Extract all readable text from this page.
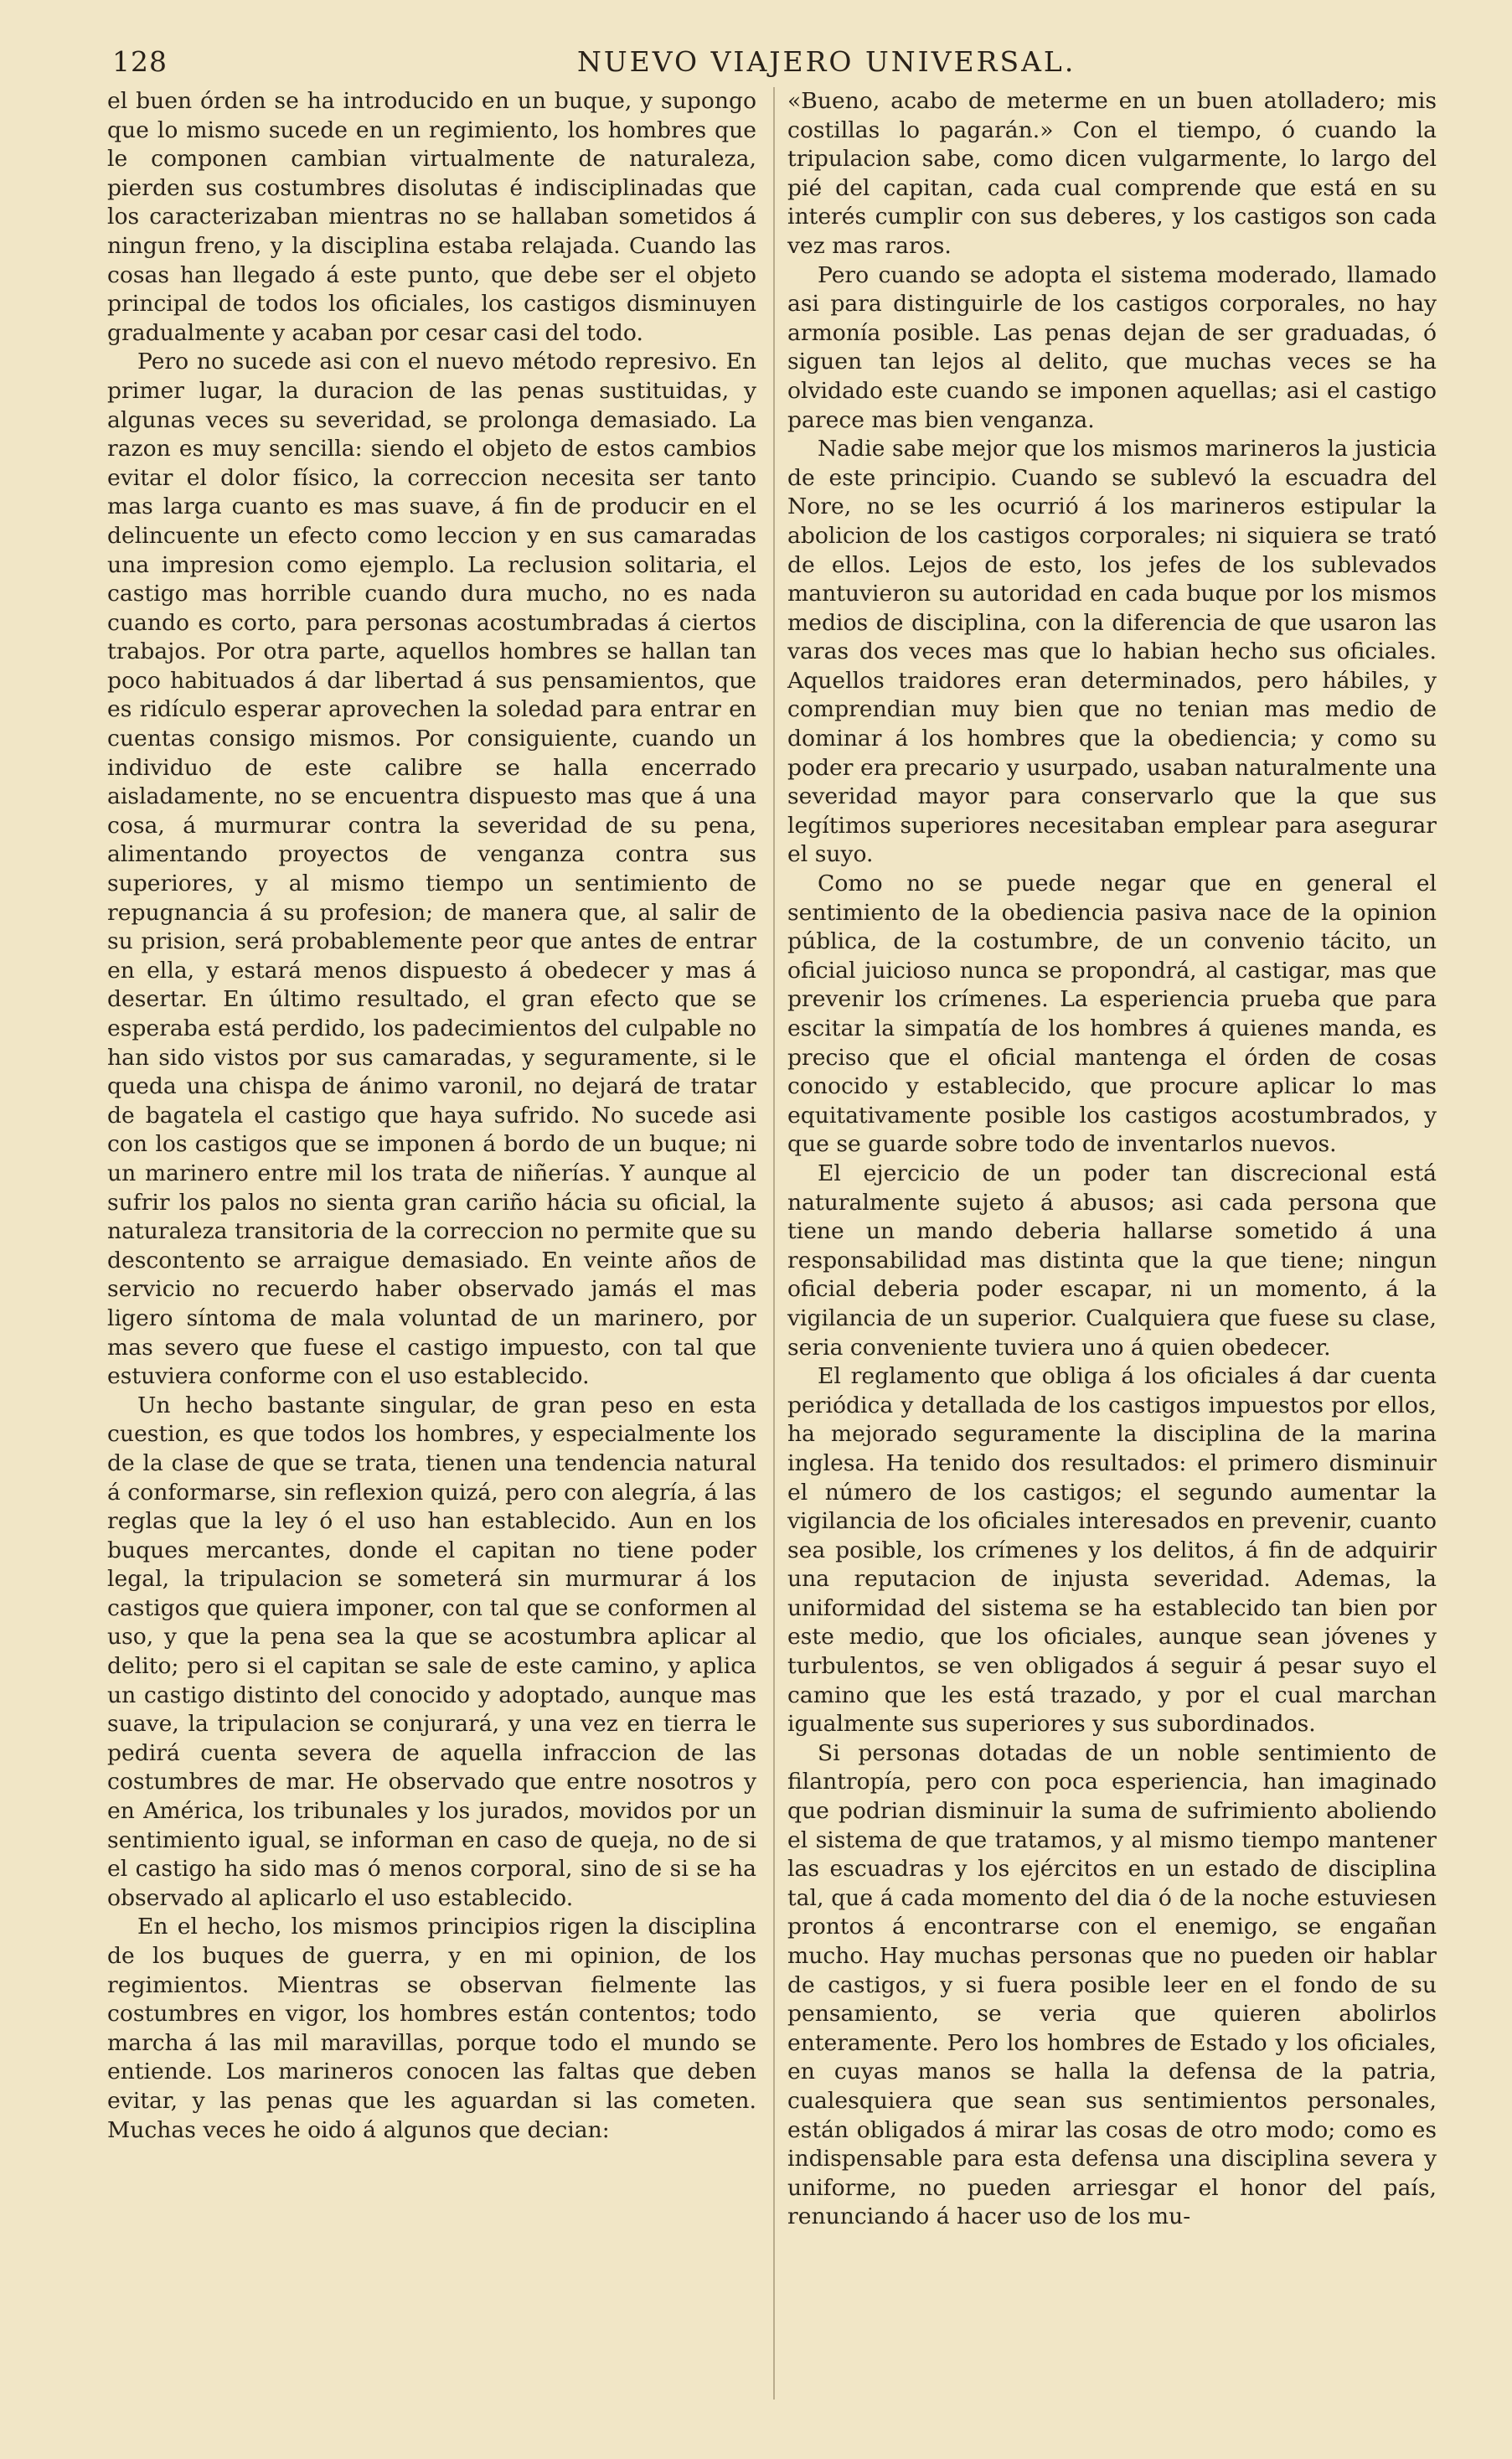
128	NUEVO VIAJERO UNIVERSAL.

el buen órden se ha introducido en un buque, y supongo que lo mismo sucede en un regimiento, los hombres que le componen cambian virtualmente de naturaleza, pierden sus costumbres disolutas é indisciplinadas que los caracterizaban mientras no se hallaban sometidos á ningun freno, y la disciplina estaba relajada. Cuando las cosas han llegado á este punto, que debe ser el objeto principal de todos los oficiales, los castigos disminuyen gradualmente y acaban por cesar casi del todo.

Pero no sucede asi con el nuevo método represivo. En primer lugar, la duracion de las penas sustituidas, y algunas veces su severidad, se prolonga demasiado. La razon es muy sencilla: siendo el objeto de estos cambios evitar el dolor físico, la correccion necesita ser tanto mas larga cuanto es mas suave, á fin de producir en el delincuente un efecto como leccion y en sus camaradas una impresion como ejemplo. La reclusion solitaria, el castigo mas horrible cuando dura mucho, no es nada cuando es corto, para personas acostumbradas á ciertos trabajos. Por otra parte, aquellos hombres se hallan tan poco habituados á dar libertad á sus pensamientos, que es ridículo esperar aprovechen la soledad para entrar en cuentas consigo mismos. Por consiguiente, cuando un individuo de este calibre se halla encerrado aisladamente, no se encuentra dispuesto mas que á una cosa, á murmurar contra la severidad de su pena, alimentando proyectos de venganza contra sus superiores, y al mismo tiempo un sentimiento de repugnancia á su profesion; de manera que, al salir de su prision, será probablemente peor que antes de entrar en ella, y estará menos dispuesto á obedecer y mas á desertar. En último resultado, el gran efecto que se esperaba está perdido, los padecimientos del culpable no han sido vistos por sus camaradas, y seguramente, si le queda una chispa de ánimo varonil, no dejará de tratar de bagatela el castigo que haya sufrido. No sucede asi con los castigos que se imponen á bordo de un buque; ni un marinero entre mil los trata de niñerías. Y aunque al sufrir los palos no sienta gran cariño hácia su oficial, la naturaleza transitoria de la correccion no permite que su descontento se arraigue demasiado. En veinte años de servicio no recuerdo haber observado jamás el mas ligero síntoma de mala voluntad de un marinero, por mas severo que fuese el castigo impuesto, con tal que estuviera conforme con el uso establecido.

Un hecho bastante singular, de gran peso en esta cuestion, es que todos los hombres, y especialmente los de la clase de que se trata, tienen una tendencia natural á conformarse, sin reflexion quizá, pero con alegría, á las reglas que la ley ó el uso han establecido. Aun en los buques mercantes, donde el capitan no tiene poder legal, la tripulacion se someterá sin murmurar á los castigos que quiera imponer, con tal que se conformen al uso, y que la pena sea la que se acostumbra aplicar al delito; pero si el capitan se sale de este camino, y aplica un castigo distinto del conocido y adoptado, aunque mas suave, la tripulacion se conjurará, y una vez en tierra le pedirá cuenta severa de aquella infraccion de las costumbres de mar. He observado que entre nosotros y en América, los tribunales y los jurados, movidos por un sentimiento igual, se informan en caso de queja, no de si el castigo ha sido mas ó menos corporal, sino de si se ha observado al aplicarlo el uso establecido.

En el hecho, los mismos principios rigen la disciplina de los buques de guerra, y en mi opinion, de los regimientos. Mientras se observan fielmente las costumbres en vigor, los hombres están contentos; todo marcha á las mil maravillas, porque todo el mundo se entiende. Los marineros conocen las faltas que deben evitar, y las penas que les aguardan si las cometen. Muchas veces he oido á algunos que decian:

«Bueno, acabo de meterme en un buen atolladero; mis costillas lo pagarán.» Con el tiempo, ó cuando la tripulacion sabe, como dicen vulgarmente, lo largo del pié del capitan, cada cual comprende que está en su interés cumplir con sus deberes, y los castigos son cada vez mas raros.

Pero cuando se adopta el sistema moderado, llamado asi para distinguirle de los castigos corporales, no hay armonía posible. Las penas dejan de ser graduadas, ó siguen tan lejos al delito, que muchas veces se ha olvidado este cuando se imponen aquellas; asi el castigo parece mas bien venganza.

Nadie sabe mejor que los mismos marineros la justicia de este principio. Cuando se sublevó la escuadra del Nore, no se les ocurrió á los marineros estipular la abolicion de los castigos corporales; ni siquiera se trató de ellos. Lejos de esto, los jefes de los sublevados mantuvieron su autoridad en cada buque por los mismos medios de disciplina, con la diferencia de que usaron las varas dos veces mas que lo habian hecho sus oficiales. Aquellos traidores eran determinados, pero hábiles, y comprendian muy bien que no tenian mas medio de dominar á los hombres que la obediencia; y como su poder era precario y usurpado, usaban naturalmente una severidad mayor para conservarlo que la que sus legítimos superiores necesitaban emplear para asegurar el suyo.

Como no se puede negar que en general el sentimiento de la obediencia pasiva nace de la opinion pública, de la costumbre, de un convenio tácito, un oficial juicioso nunca se propondrá, al castigar, mas que prevenir los crímenes. La esperiencia prueba que para escitar la simpatía de los hombres á quienes manda, es preciso que el oficial mantenga el órden de cosas conocido y establecido, que procure aplicar lo mas equitativamente posible los castigos acostumbrados, y que se guarde sobre todo de inventarlos nuevos.

El ejercicio de un poder tan discrecional está naturalmente sujeto á abusos; asi cada persona que tiene un mando deberia hallarse sometido á una responsabilidad mas distinta que la que tiene; ningun oficial deberia poder escapar, ni un momento, á la vigilancia de un superior. Cualquiera que fuese su clase, seria conveniente tuviera uno á quien obedecer.

El reglamento que obliga á los oficiales á dar cuenta periódica y detallada de los castigos impuestos por ellos, ha mejorado seguramente la disciplina de la marina inglesa. Ha tenido dos resultados: el primero disminuir el número de los castigos; el segundo aumentar la vigilancia de los oficiales interesados en prevenir, cuanto sea posible, los crímenes y los delitos, á fin de adquirir una reputacion de injusta severidad. Ademas, la uniformidad del sistema se ha establecido tan bien por este medio, que los oficiales, aunque sean jóvenes y turbulentos, se ven obligados á seguir á pesar suyo el camino que les está trazado, y por el cual marchan igualmente sus superiores y sus subordinados.

Si personas dotadas de un noble sentimiento de filantropía, pero con poca esperiencia, han imaginado que podrian disminuir la suma de sufrimiento aboliendo el sistema de que tratamos, y al mismo tiempo mantener las escuadras y los ejércitos en un estado de disciplina tal, que á cada momento del dia ó de la noche estuviesen prontos á encontrarse con el enemigo, se engañan mucho. Hay muchas personas que no pueden oir hablar de castigos, y si fuera posible leer en el fondo de su pensamiento, se veria que quieren abolirlos enteramente. Pero los hombres de Estado y los oficiales, en cuyas manos se halla la defensa de la patria, cualesquiera que sean sus sentimientos personales, están obligados á mirar las cosas de otro modo; como es indispensable para esta defensa una disciplina severa y uniforme, no pueden arriesgar el honor del país, renunciando á hacer uso de los mu-
